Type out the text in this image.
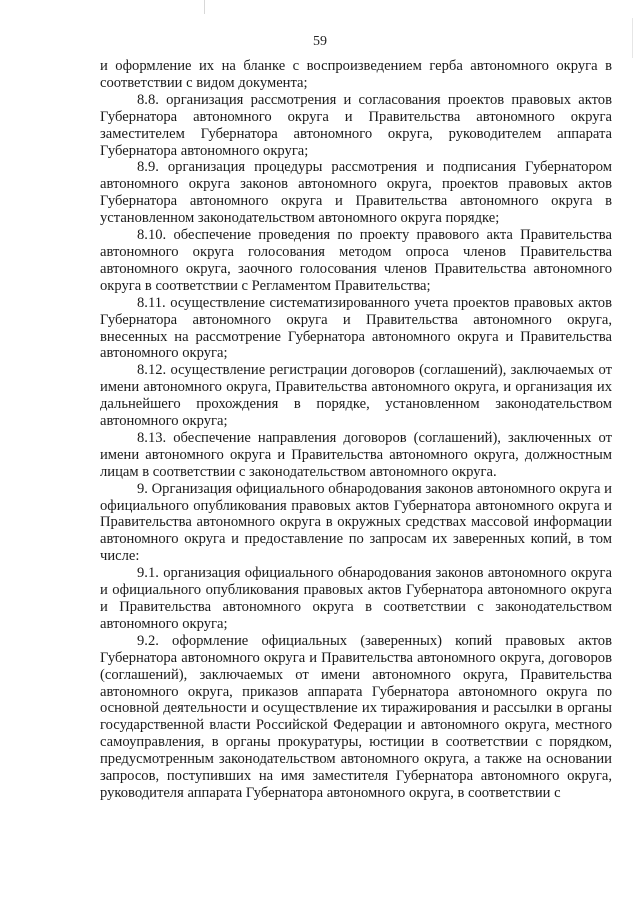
59

и оформление их на бланке с воспроизведением герба автономного округа в соответствии с видом документа;

8.8. организация рассмотрения и согласования проектов правовых актов Губернатора автономного округа и Правительства автономного округа заместителем Губернатора автономного округа, руководителем аппарата Губернатора автономного округа;

8.9. организация процедуры рассмотрения и подписания Губернатором автономного округа законов автономного округа, проектов правовых актов Губернатора автономного округа и Правительства автономного округа в установленном законодательством автономного округа порядке;

8.10. обеспечение проведения по проекту правового акта Правительства автономного округа голосования методом опроса членов Правительства автономного округа, заочного голосования членов Правительства автономного округа в соответствии с Регламентом Правительства;

8.11. осуществление систематизированного учета проектов правовых актов Губернатора автономного округа и Правительства автономного округа, внесенных на рассмотрение Губернатора автономного округа и Правительства автономного округа;

8.12. осуществление регистрации договоров (соглашений), заключаемых от имени автономного округа, Правительства автономного округа, и организация их дальнейшего прохождения в порядке, установленном законодательством автономного округа;

8.13. обеспечение направления договоров (соглашений), заключенных от имени автономного округа и Правительства автономного округа, должностным лицам в соответствии с законодательством автономного округа.

9. Организация официального обнародования законов автономного округа и официального опубликования правовых актов Губернатора автономного округа и Правительства автономного округа в окружных средствах массовой информации автономного округа и предоставление по запросам их заверенных копий, в том числе:

9.1. организация официального обнародования законов автономного округа и официального опубликования правовых актов Губернатора автономного округа и Правительства автономного округа в соответствии с законодательством автономного округа;

9.2. оформление официальных (заверенных) копий правовых актов Губернатора автономного округа и Правительства автономного округа, договоров (соглашений), заключаемых от имени автономного округа, Правительства автономного округа, приказов аппарата Губернатора автономного округа по основной деятельности и осуществление их тиражирования и рассылки в органы государственной власти Российской Федерации и автономного округа, местного самоуправления, в органы прокуратуры, юстиции в соответствии с порядком, предусмотренным законодательством автономного округа, а также на основании запросов, поступивших на имя заместителя Губернатора автономного округа, руководителя аппарата Губернатора автономного округа, в соответствии с
